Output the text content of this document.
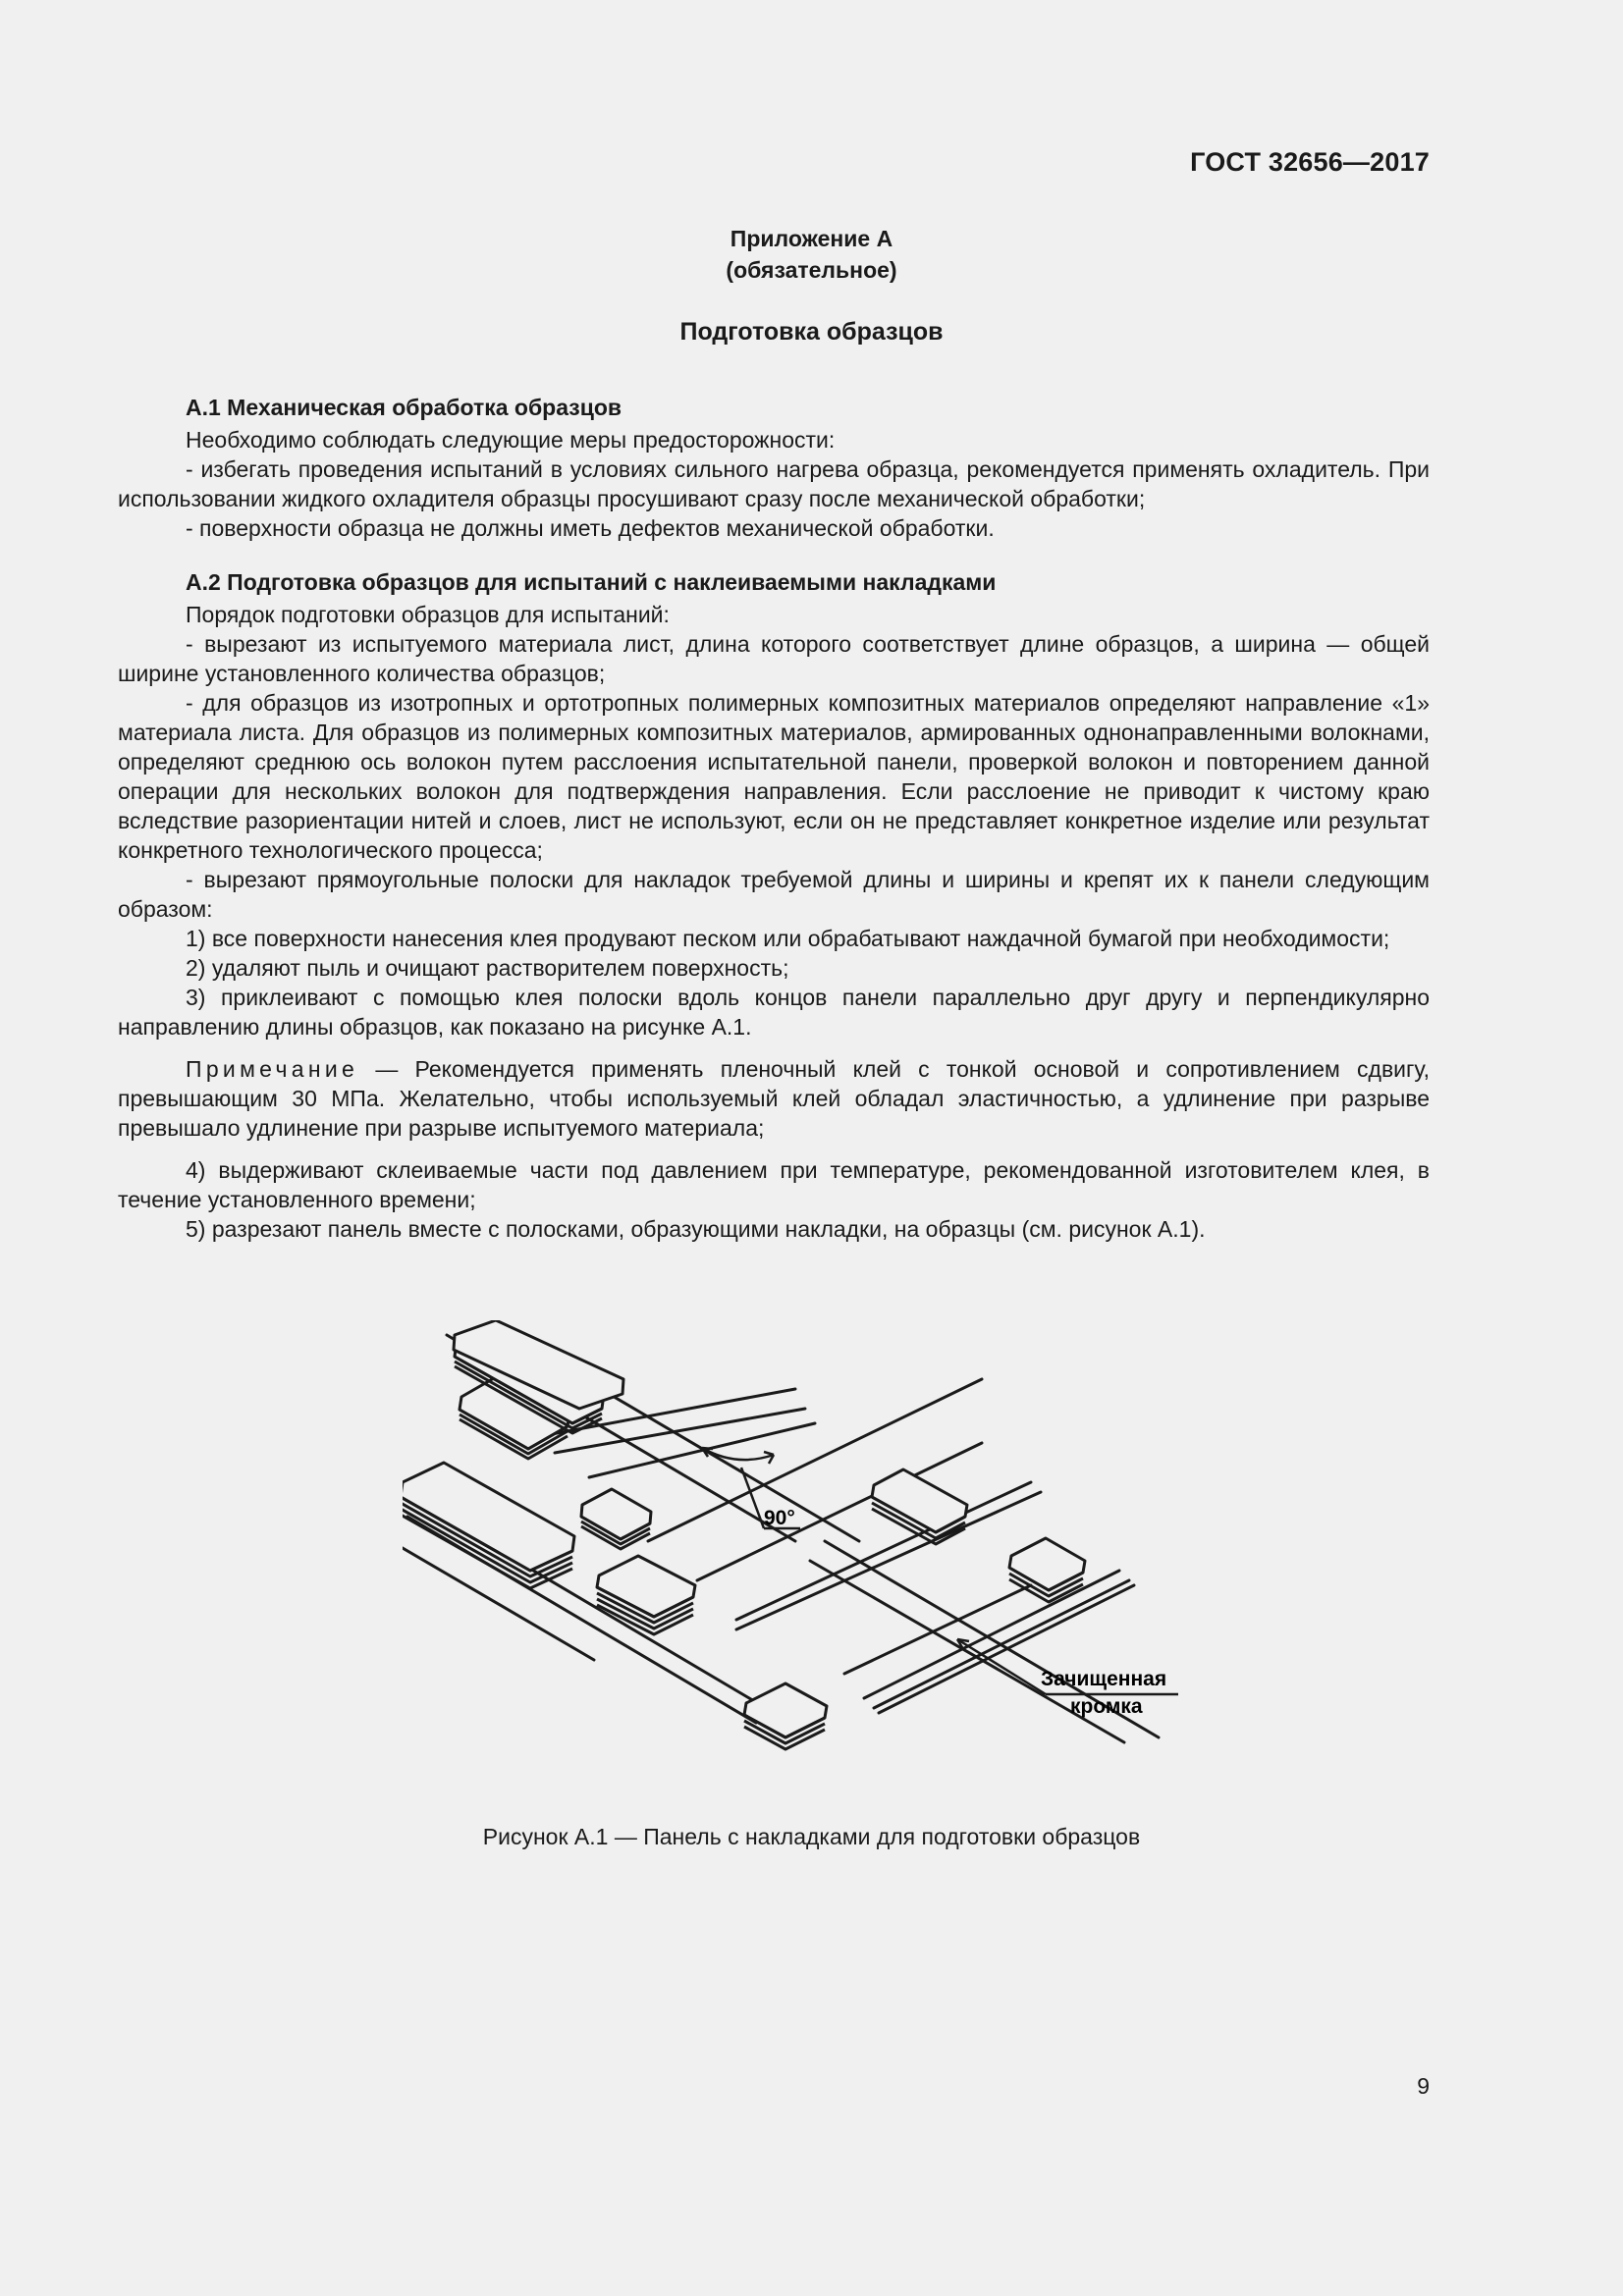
ГОСТ 32656—2017
Приложение А
(обязательное)
Подготовка образцов

А.1 Механическая обработка образцов

Необходимо соблюдать следующие меры предосторожности:

- избегать проведения испытаний в условиях сильного нагрева образца, рекомендуется применять охладитель. При использовании жидкого охладителя образцы просушивают сразу после механической обработки;

- поверхности образца не должны иметь дефектов механической обработки.

А.2 Подготовка образцов для испытаний с наклеиваемыми накладками

Порядок подготовки образцов для испытаний:

- вырезают из испытуемого материала лист, длина которого соответствует длине образцов, а ширина — общей ширине установленного количества образцов;

- для образцов из изотропных и ортотропных полимерных композитных материалов определяют направление «1» материала листа. Для образцов из полимерных композитных материалов, армированных однонаправленными волокнами, определяют среднюю ось волокон путем расслоения испытательной панели, проверкой волокон и повторением данной операции для нескольких волокон для подтверждения направления. Если расслоение не приводит к чистому краю вследствие разориентации нитей и слоев, лист не используют, если он не представляет конкретное изделие или результат конкретного технологического процесса;

- вырезают прямоугольные полоски для накладок требуемой длины и ширины и крепят их к панели следующим образом:

1) все поверхности нанесения клея продувают песком или обрабатывают наждачной бумагой при необходимости;

2) удаляют пыль и очищают растворителем поверхность;

3) приклеивают с помощью клея полоски вдоль концов панели параллельно друг другу и перпендикулярно направлению длины образцов, как показано на рисунке А.1.

Примечание — Рекомендуется применять пленочный клей с тонкой основой и сопротивлением сдвигу, превышающим 30 МПа. Желательно, чтобы используемый клей обладал эластичностью, а удлинение при разрыве превышало удлинение при разрыве испытуемого материала;

4) выдерживают склеиваемые части под давлением при температуре, рекомендованной изготовителем клея, в течение установленного времени;

5) разрезают панель вместе с полосками, образующими накладки, на образцы (см. рисунок А.1).

90°
Зачищенная
кромка
Рисунок А.1 — Панель с накладками для подготовки образцов
9
